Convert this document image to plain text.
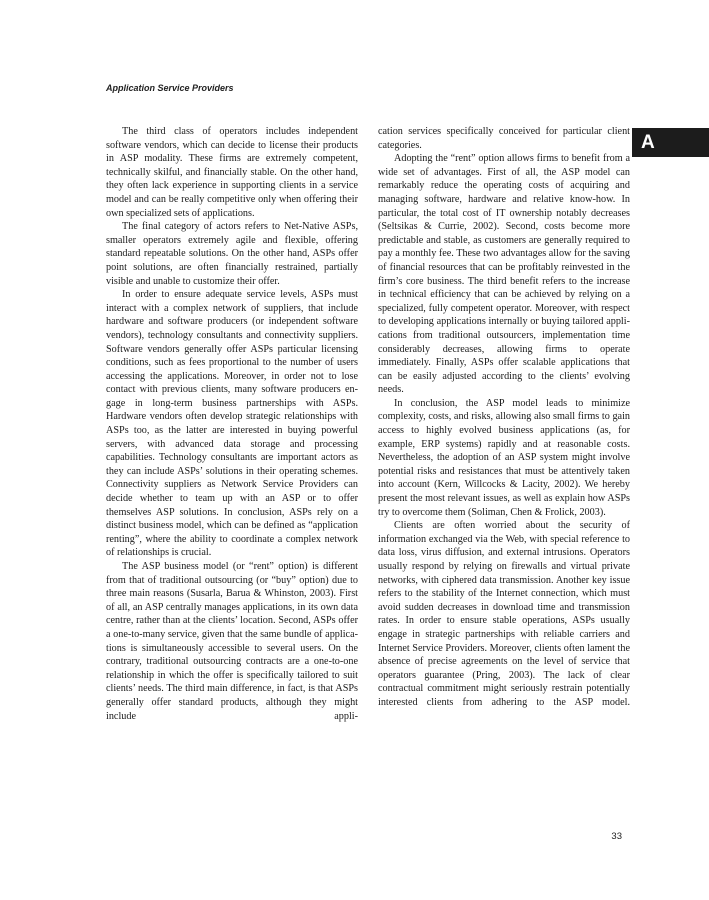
Application Service Providers
A

The third class of operators includes independent software vendors, which can decide to license their products in ASP modality. These firms are extremely competent, technically skilful, and financially stable. On the other hand, they often lack experience in supporting clients in a service model and can be really competitive only when offering their own specialized sets of applications.

The final category of actors refers to Net-Native ASPs, smaller operators extremely agile and flexible, offering standard repeatable solutions. On the other hand, ASPs offer point solutions, are often financially restrained, partially visible and unable to customize their offer.

In order to ensure adequate service levels, ASPs must interact with a complex network of suppliers, that include hardware and software producers (or independent software vendors), technology consultants and connectivity suppliers. Software vendors generally offer ASPs particular licensing conditions, such as fees proportional to the number of users accessing the applications. Moreover, in order not to lose contact with previous clients, many software producers engage in long-term business partnerships with ASPs. Hardware vendors often develop strategic relationships with ASPs too, as the latter are interested in buying powerful servers, with advanced data storage and processing capabilities. Technology consultants are important actors as they can include ASPs’ solutions in their operating schemes. Connectivity suppliers as Network Service Providers can decide whether to team up with an ASP or to offer themselves ASP solutions. In conclusion, ASPs rely on a distinct business model, which can be defined as “application renting”, where the ability to coordinate a complex network of relationships is crucial.

The ASP business model (or “rent” option) is different from that of traditional outsourcing (or “buy” option) due to three main reasons (Susarla, Barua & Whinston, 2003). First of all, an ASP centrally manages applications, in its own data centre, rather than at the clients’ location. Second, ASPs offer a one-to-many service, given that the same bundle of applications is simultaneously accessible to several users. On the contrary, traditional outsourcing contracts are a one-to-one relationship in which the offer is specifically tailored to suit clients’ needs. The third main difference, in fact, is that ASPs generally offer standard products, although they might include appli-

cation services specifically conceived for particular client categories.

Adopting the “rent” option allows firms to benefit from a wide set of advantages. First of all, the ASP model can remarkably reduce the operating costs of acquiring and managing software, hardware and relative know-how. In particular, the total cost of IT ownership notably decreases (Seltsikas & Currie, 2002). Second, costs become more predictable and stable, as customers are generally required to pay a monthly fee. These two advantages allow for the saving of financial resources that can be profitably reinvested in the firm’s core business. The third benefit refers to the increase in technical efficiency that can be achieved by relying on a specialized, fully competent operator. Moreover, with respect to developing applications internally or buying tailored applications from traditional outsourcers, implementation time considerably decreases, allowing firms to operate immediately. Finally, ASPs offer scalable applications that can be easily adjusted according to the clients’ evolving needs.

In conclusion, the ASP model leads to minimize complexity, costs, and risks, allowing also small firms to gain access to highly evolved business applications (as, for example, ERP systems) rapidly and at reasonable costs. Nevertheless, the adoption of an ASP system might involve potential risks and resistances that must be attentively taken into account (Kern, Willcocks & Lacity, 2002). We hereby present the most relevant issues, as well as explain how ASPs try to overcome them (Soliman, Chen & Frolick, 2003).

Clients are often worried about the security of information exchanged via the Web, with special reference to data loss, virus diffusion, and external intrusions. Operators usually respond by relying on firewalls and virtual private networks, with ciphered data transmission. Another key issue refers to the stability of the Internet connection, which must avoid sudden decreases in download time and transmission rates. In order to ensure stable operations, ASPs usually engage in strategic partnerships with reliable carriers and Internet Service Providers. Moreover, clients often lament the absence of precise agreements on the level of service that operators guarantee (Pring, 2003). The lack of clear contractual commitment might seriously restrain potentially interested clients from adhering to the ASP model.

33
